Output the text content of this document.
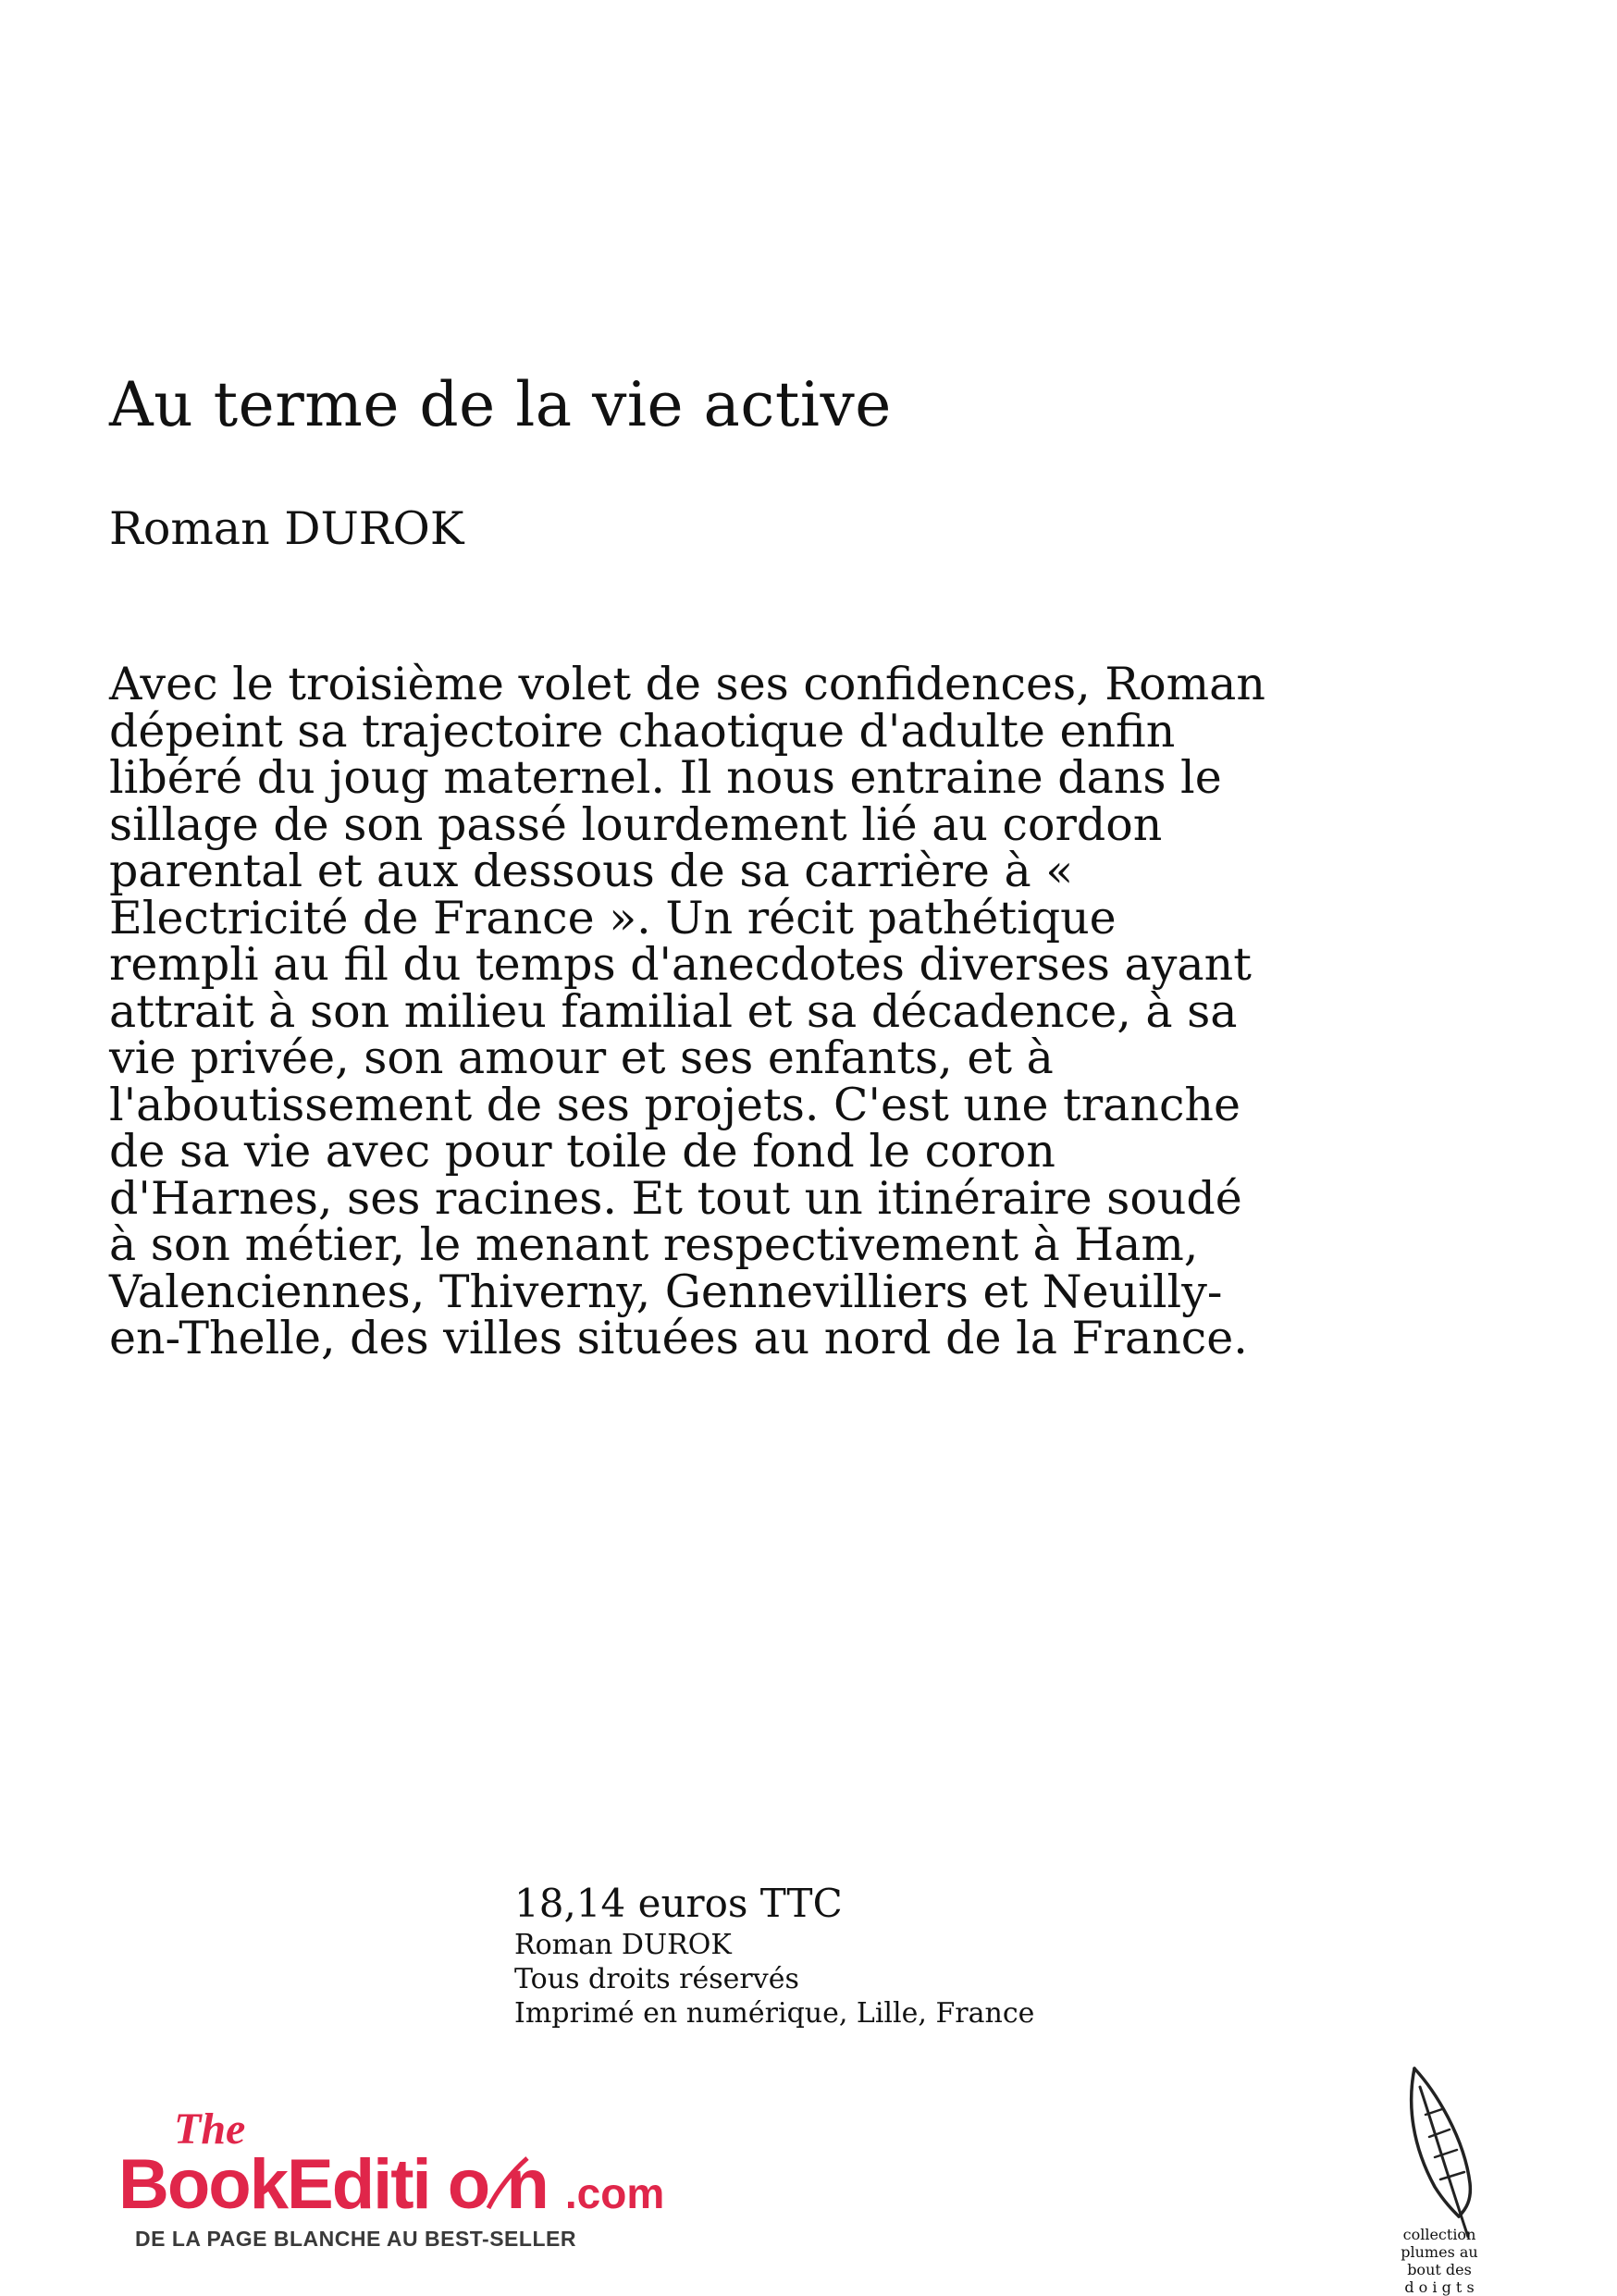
Au terme de la vie active

Roman DUROK

Avec le troisième volet de ses confidences, Roman dépeint sa trajectoire chaotique d'adulte enfin libéré du joug maternel. Il nous entraine dans le sillage de son passé lourdement lié au cordon parental et aux dessous de sa carrière à « Electricité de France ». Un récit pathétique rempli au fil du temps d'anecdotes diverses ayant attrait à son milieu familial et sa décadence, à sa vie privée, son amour et ses enfants, et à l'aboutissement de ses projets. C'est une tranche de sa vie avec pour toile de fond le coron d'Harnes, ses racines. Et tout un itinéraire soudé à son métier, le menant respectivement à Ham, Valenciennes, Thiverny, Gennevilliers et Neuilly-en-Thelle, des villes situées au nord de la France.

18,14 euros TTC
Roman DUROK
Tous droits réservés
Imprimé en numérique, Lille, France
The
BookEditi o n .com
DE LA PAGE BLANCHE AU BEST-SELLER	collection
plumes au
bout des
d o i g t s
